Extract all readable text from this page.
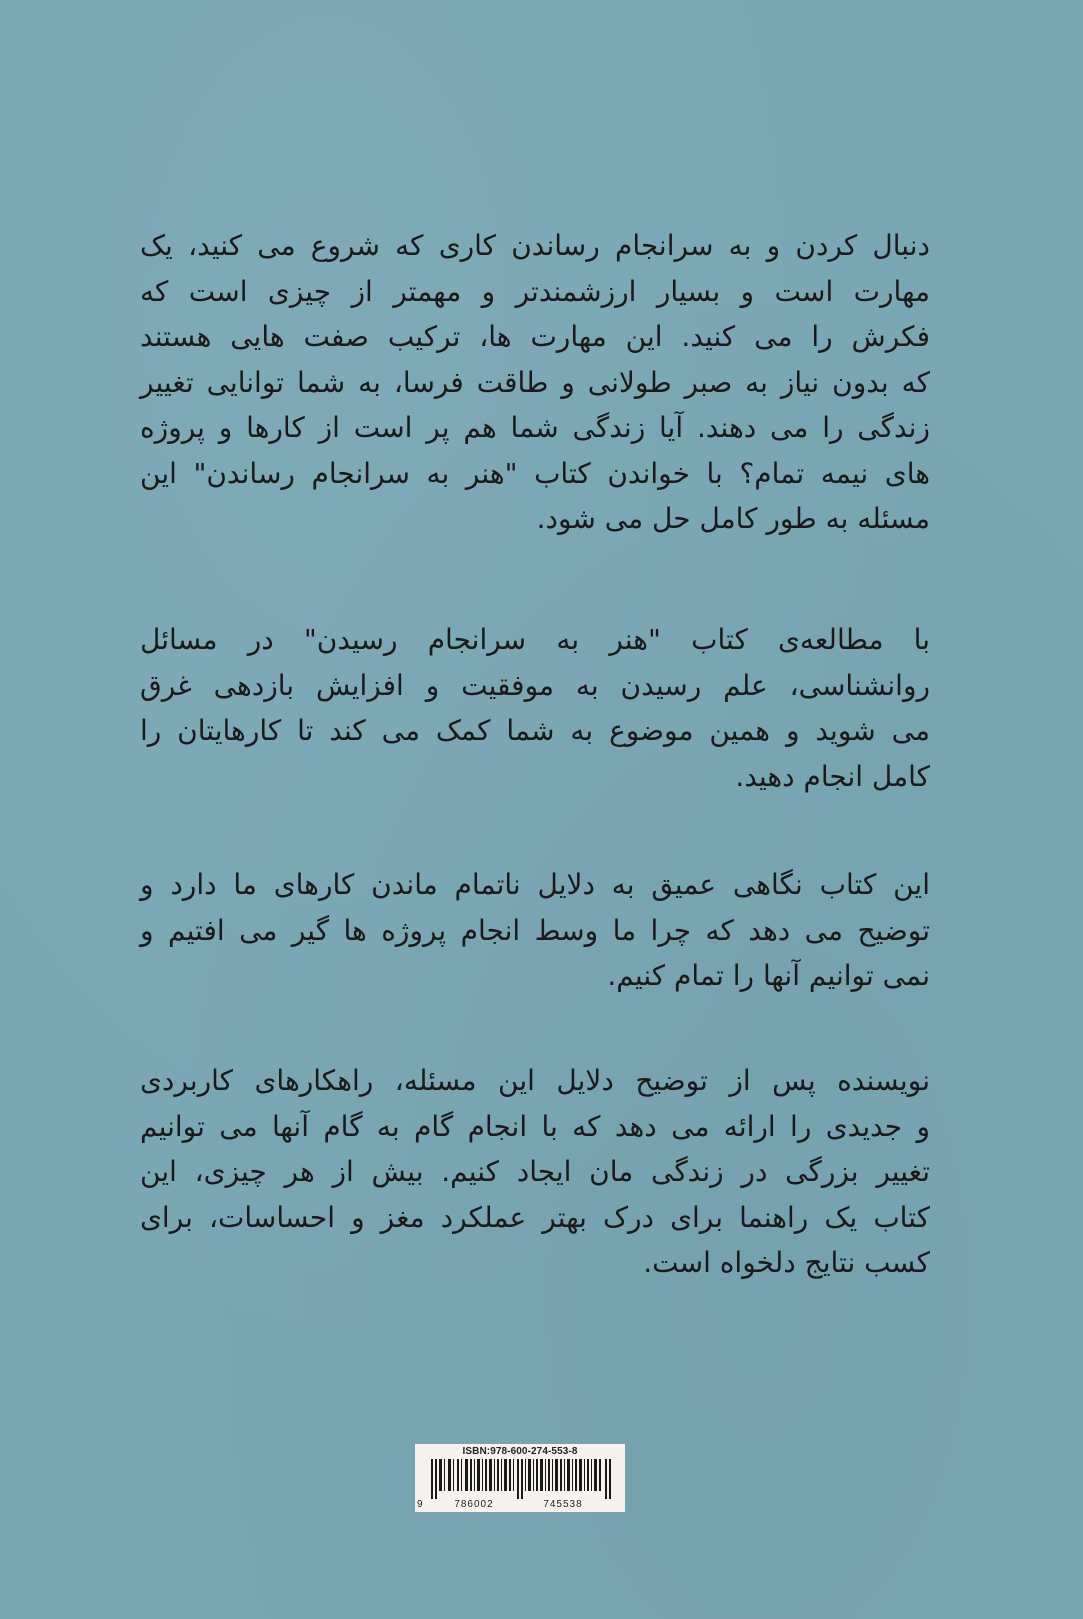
دنبال کردن و به سرانجام رساندن کاری که شروع می کنید، یک
مهارت است و بسیار ارزشمندتر و مهمتر از چیزی است که
فکرش را می کنید. این مهارت ها، ترکیب صفت هایی هستند
که بدون نیاز به صبر طولانی و طاقت فرسا، به شما توانایی تغییر
زندگی را می دهند. آیا زندگی شما هم پر است از کارها و پروژه
های نیمه تمام؟ با خواندن کتاب "هنر به سرانجام رساندن" این
مسئله به طور کامل حل می شود.
با مطالعه‌ی کتاب "هنر به سرانجام رسیدن" در مسائل
روانشناسی، علم رسیدن به موفقیت و افزایش بازدهی غرق
می شوید و همین موضوع به شما کمک می کند تا کارهایتان را
کامل انجام دهید.
این کتاب نگاهی عمیق به دلایل ناتمام ماندن کارهای ما دارد و
توضیح می دهد که چرا ما وسط انجام پروژه ها گیر می افتیم و
نمی توانیم آنها را تمام کنیم.
نویسنده پس از توضیح دلایل این مسئله، راهکارهای کاربردی
و جدیدی را ارائه می دهد که با انجام گام به گام آنها می توانیم
تغییر بزرگی در زندگی مان ایجاد کنیم. بیش از هر چیزی، این
کتاب یک راهنما برای درک بهتر عملکرد مغز و احساسات، برای
کسب نتایج دلخواه است.
ISBN:978-600-274-553-8
9	786002	745538
